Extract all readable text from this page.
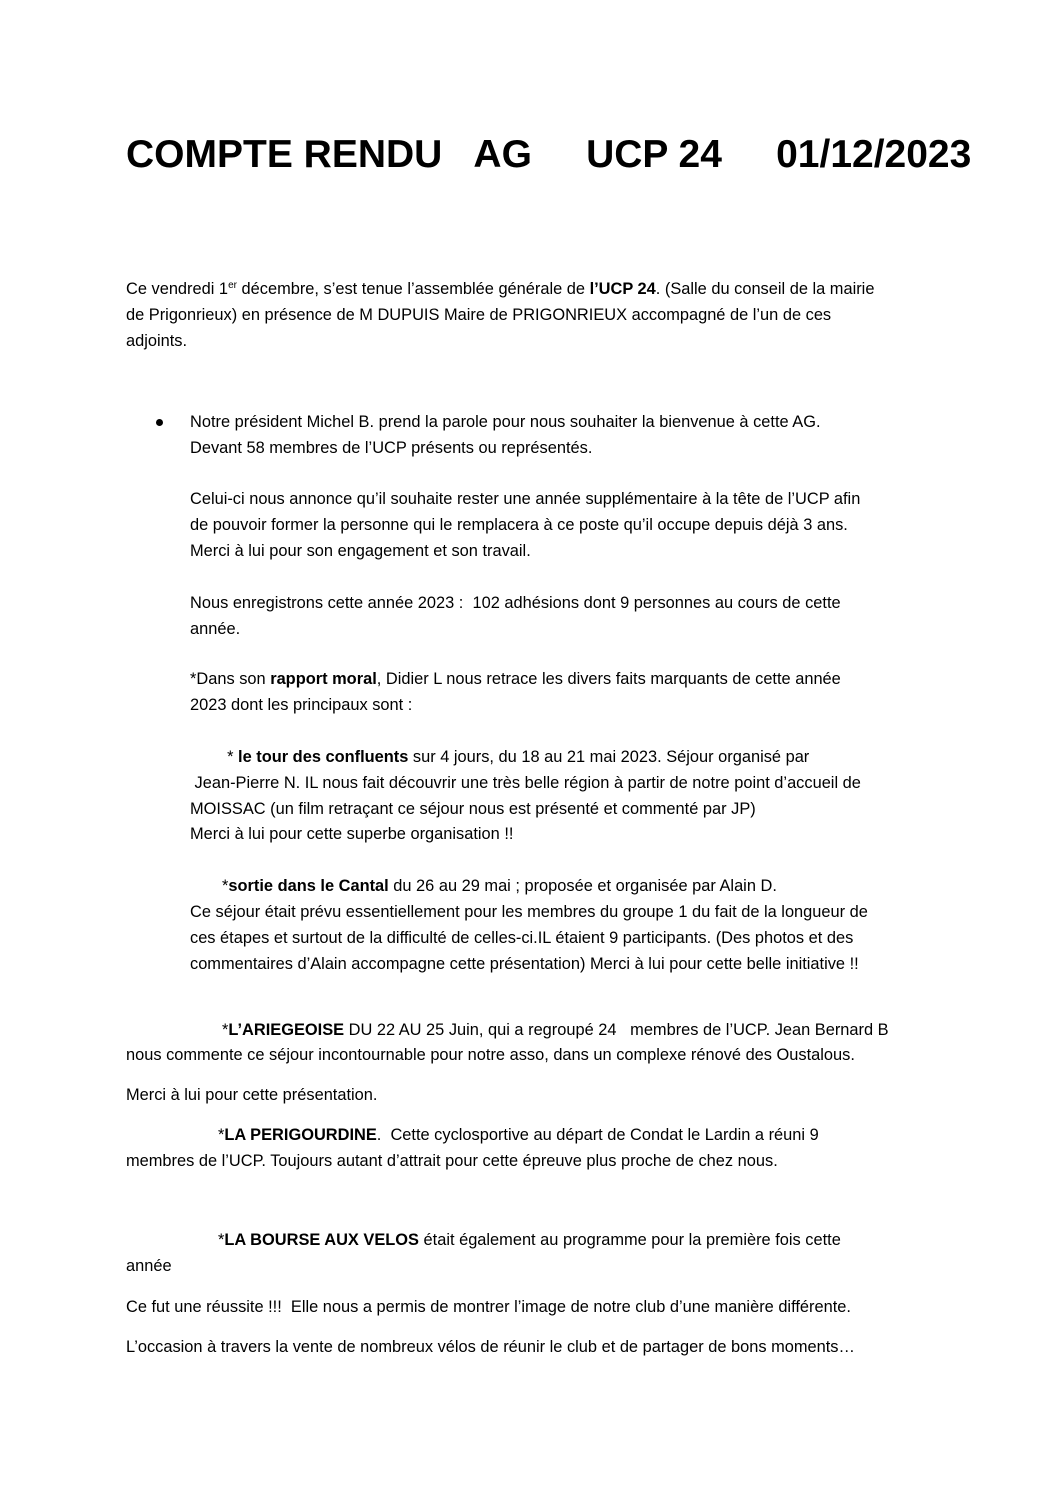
COMPTE RENDU   AG     UCP 24     01/12/2023

Ce vendredi 1er décembre, s’est tenue l’assemblée générale de l’UCP 24. (Salle du conseil de la mairie

de Prigonrieux) en présence de M DUPUIS Maire de PRIGONRIEUX accompagné de l’un de ces

adjoints.

Notre président Michel B. prend la parole pour nous souhaiter la bienvenue à cette AG.

Devant 58 membres de l’UCP présents ou représentés.

Celui-ci nous annonce qu’il souhaite rester une année supplémentaire à la tête de l’UCP afin

de pouvoir former la personne qui le remplacera à ce poste qu’il occupe depuis déjà 3 ans.

Merci à lui pour son engagement et son travail.

Nous enregistrons cette année 2023 :  102 adhésions dont 9 personnes au cours de cette

année.

*Dans son rapport moral, Didier L nous retrace les divers faits marquants de cette année

2023 dont les principaux sont :

* le tour des confluents sur 4 jours, du 18 au 21 mai 2023. Séjour organisé par

Jean-Pierre N. IL nous fait découvrir une très belle région à partir de notre point d’accueil de

MOISSAC (un film retraçant ce séjour nous est présenté et commenté par JP)

Merci à lui pour cette superbe organisation !!

*sortie dans le Cantal du 26 au 29 mai ; proposée et organisée par Alain D.

Ce séjour était prévu essentiellement pour les membres du groupe 1 du fait de la longueur de

ces étapes et surtout de la difficulté de celles-ci.IL étaient 9 participants. (Des photos et des

commentaires d’Alain accompagne cette présentation) Merci à lui pour cette belle initiative !!

*L’ARIEGEOISE DU 22 AU 25 Juin, qui a regroupé 24   membres de l’UCP. Jean Bernard B

nous commente ce séjour incontournable pour notre asso, dans un complexe rénové des Oustalous.

Merci à lui pour cette présentation.

*LA PERIGOURDINE.  Cette cyclosportive au départ de Condat le Lardin a réuni 9

membres de l’UCP. Toujours autant d’attrait pour cette épreuve plus proche de chez nous.

*LA BOURSE AUX VELOS était également au programme pour la première fois cette

année

Ce fut une réussite !!!  Elle nous a permis de montrer l’image de notre club d’une manière différente.

L’occasion à travers la vente de nombreux vélos de réunir le club et de partager de bons moments…
